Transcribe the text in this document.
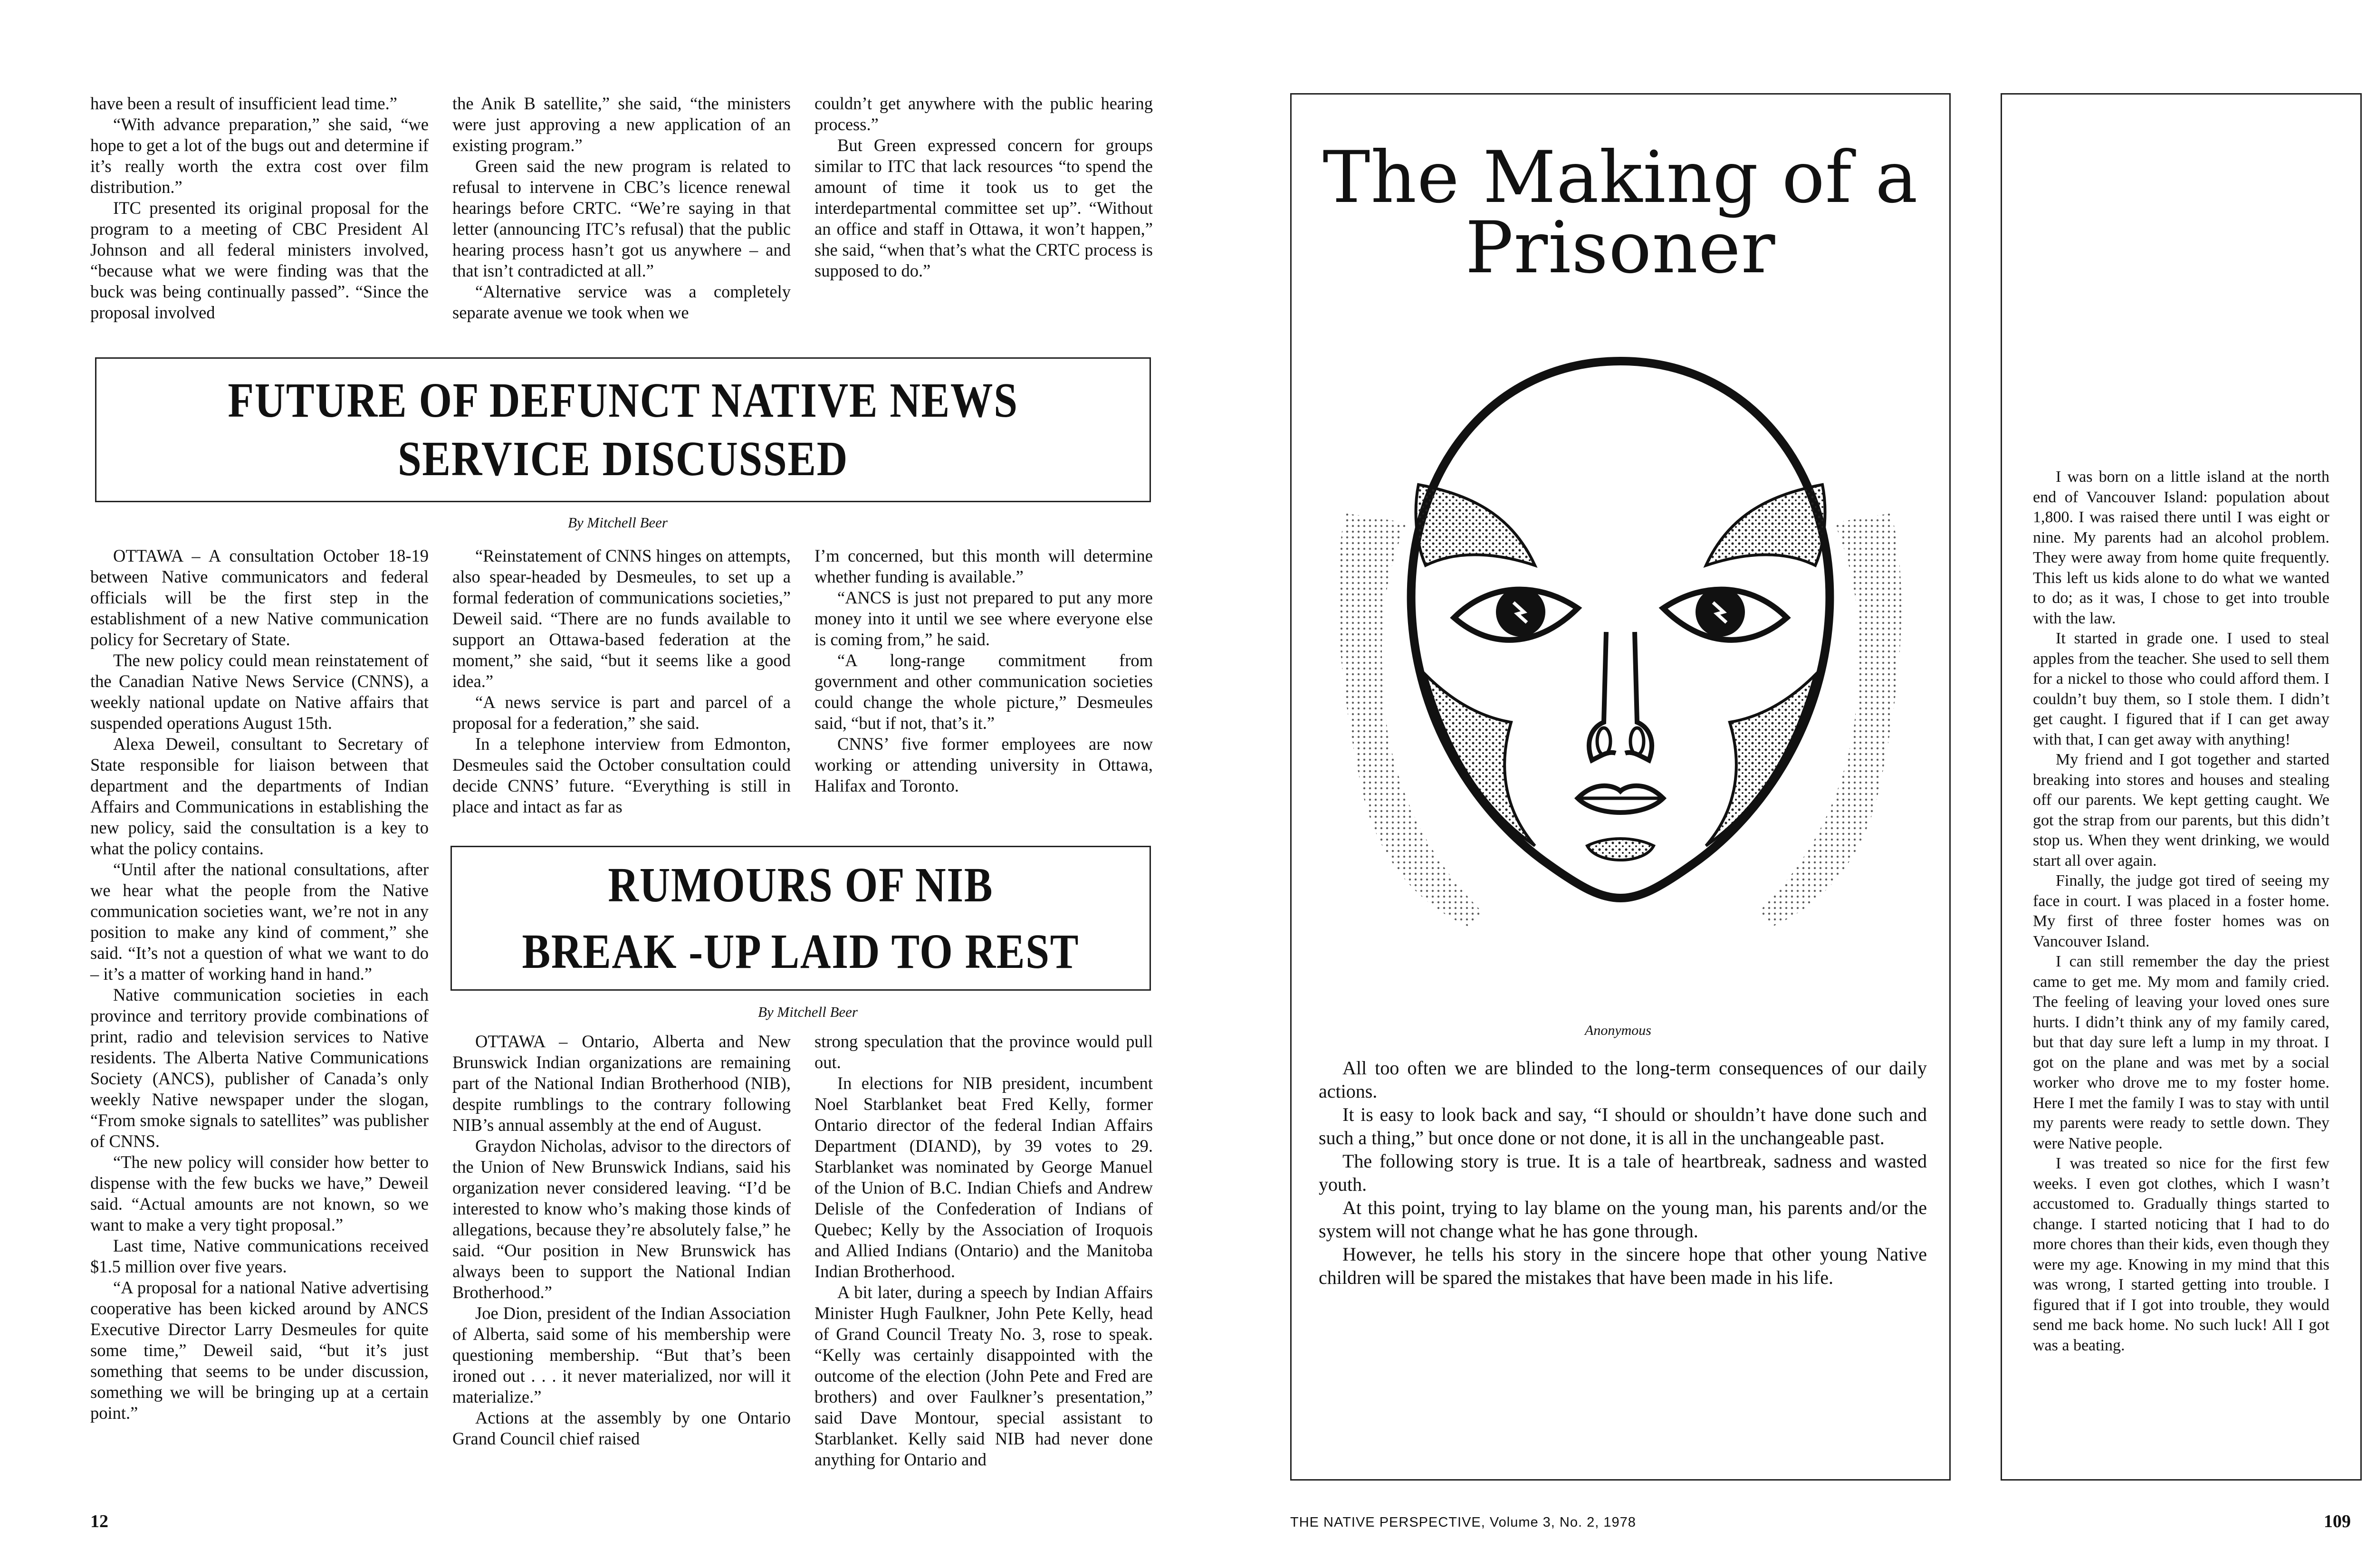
have been a result of insufficient lead time.”

“With advance preparation,” she said, “we hope to get a lot of the bugs out and determine if it’s really worth the extra cost over film distribution.”

ITC presented its original proposal for the program to a meeting of CBC President Al Johnson and all federal ministers involved, “because what we were finding was that the buck was being continually passed”. “Since the proposal involved

the Anik B satellite,” she said, “the ministers were just approving a new application of an existing program.”

Green said the new program is related to refusal to intervene in CBC’s licence renewal hearings before CRTC. “We’re saying in that letter (announcing ITC’s refusal) that the public hearing process hasn’t got us anywhere – and that isn’t contradicted at all.”

“Alternative service was a completely separate avenue we took when we

couldn’t get anywhere with the public hearing process.”

But Green expressed concern for groups similar to ITC that lack resources “to spend the amount of time it took us to get the interdepartmental committee set up”. “Without an office and staff in Ottawa, it won’t happen,” she said, “when that’s what the CRTC process is supposed to do.”

FUTURE OF DEFUNCT NATIVE NEWS
SERVICE DISCUSSED
By Mitchell Beer

OTTAWA – A consultation October 18-19 between Native communicators and federal officials will be the first step in the establishment of a new Native communication policy for Secretary of State.

The new policy could mean reinstatement of the Canadian Native News Service (CNNS), a weekly national update on Native affairs that suspended operations August 15th.

Alexa Deweil, consultant to Secretary of State responsible for liaison between that department and the departments of Indian Affairs and Communications in establishing the new policy, said the consultation is a key to what the policy contains.

“Until after the national consultations, after we hear what the people from the Native communication societies want, we’re not in any position to make any kind of comment,” she said. “It’s not a question of what we want to do – it’s a matter of working hand in hand.”

Native communication societies in each province and territory provide combinations of print, radio and television services to Native residents. The Alberta Native Communications Society (ANCS), publisher of Canada’s only weekly Native newspaper under the slogan, “From smoke signals to satellites” was publisher of CNNS.

“The new policy will consider how better to dispense with the few bucks we have,” Deweil said. “Actual amounts are not known, so we want to make a very tight proposal.”

Last time, Native communications received $1.5 million over five years.

“A proposal for a national Native advertising cooperative has been kicked around by ANCS Executive Director Larry Desmeules for quite some time,” Deweil said, “but it’s just something that seems to be under discussion, something we will be bringing up at a certain point.”

“Reinstatement of CNNS hinges on attempts, also spear-headed by Desmeules, to set up a formal federation of communications societies,” Deweil said. “There are no funds available to support an Ottawa-based federation at the moment,” she said, “but it seems like a good idea.”

“A news service is part and parcel of a proposal for a federation,” she said.

In a telephone interview from Edmonton, Desmeules said the October consultation could decide CNNS’ future. “Everything is still in place and intact as far as

I’m concerned, but this month will determine whether funding is available.”

“ANCS is just not prepared to put any more money into it until we see where everyone else is coming from,” he said.

“A long-range commitment from government and other communication societies could change the whole picture,” Desmeules said, “but if not, that’s it.”

CNNS’ five former employees are now working or attending university in Ottawa, Halifax and Toronto.

RUMOURS OF NIB
BREAK -UP LAID TO REST
By Mitchell Beer

OTTAWA – Ontario, Alberta and New Brunswick Indian organizations are remaining part of the National Indian Brotherhood (NIB), despite rumblings to the contrary following NIB’s annual assembly at the end of August.

Graydon Nicholas, advisor to the directors of the Union of New Brunswick Indians, said his organization never considered leaving. “I’d be interested to know who’s making those kinds of allegations, because they’re absolutely false,” he said. “Our position in New Brunswick has always been to support the National Indian Brotherhood.”

Joe Dion, president of the Indian Association of Alberta, said some of his membership were questioning membership. “But that’s been ironed out . . . it never materialized, nor will it materialize.”

Actions at the assembly by one Ontario Grand Council chief raised

strong speculation that the province would pull out.

In elections for NIB president, incumbent Noel Starblanket beat Fred Kelly, former Ontario director of the federal Indian Affairs Department (DIAND), by 39 votes to 29. Starblanket was nominated by George Manuel of the Union of B.C. Indian Chiefs and Andrew Delisle of the Confederation of Indians of Quebec; Kelly by the Association of Iroquois and Allied Indians (Ontario) and the Manitoba Indian Brotherhood.

A bit later, during a speech by Indian Affairs Minister Hugh Faulkner, John Pete Kelly, head of Grand Council Treaty No. 3, rose to speak. “Kelly was certainly disappointed with the outcome of the election (John Pete and Fred are brothers) and over Faulkner’s presentation,” said Dave Montour, special assistant to Starblanket. Kelly said NIB had never done anything for Ontario and

12
The Making of a
Prisoner
Anonymous

All too often we are blinded to the long-term consequences of our daily actions.

It is easy to look back and say, “I should or shouldn’t have done such and such a thing,” but once done or not done, it is all in the unchangeable past.

The following story is true. It is a tale of heartbreak, sadness and wasted youth.

At this point, trying to lay blame on the young man, his parents and/or the system will not change what he has gone through.

However, he tells his story in the sincere hope that other young Native children will be spared the mistakes that have been made in his life.

I was born on a little island at the north end of Vancouver Island: population about 1,800. I was raised there until I was eight or nine. My parents had an alcohol problem. They were away from home quite frequently. This left us kids alone to do what we wanted to do; as it was, I chose to get into trouble with the law.

It started in grade one. I used to steal apples from the teacher. She used to sell them for a nickel to those who could afford them. I couldn’t buy them, so I stole them. I didn’t get caught. I figured that if I can get away with that, I can get away with anything!

My friend and I got together and started breaking into stores and houses and stealing off our parents. We kept getting caught. We got the strap from our parents, but this didn’t stop us. When they went drinking, we would start all over again.

Finally, the judge got tired of seeing my face in court. I was placed in a foster home. My first of three foster homes was on Vancouver Island.

I can still remember the day the priest came to get me. My mom and family cried. The feeling of leaving your loved ones sure hurts. I didn’t think any of my family cared, but that day sure left a lump in my throat. I got on the plane and was met by a social worker who drove me to my foster home. Here I met the family I was to stay with until my parents were ready to settle down. They were Native people.

I was treated so nice for the first few weeks. I even got clothes, which I wasn’t accustomed to. Gradually things started to change. I started noticing that I had to do more chores than their kids, even though they were my age. Knowing in my mind that this was wrong, I started getting into trouble. I figured that if I got into trouble, they would send me back home. No such luck! All I got was a beating.

THE NATIVE PERSPECTIVE, Volume 3, No. 2, 1978	109
